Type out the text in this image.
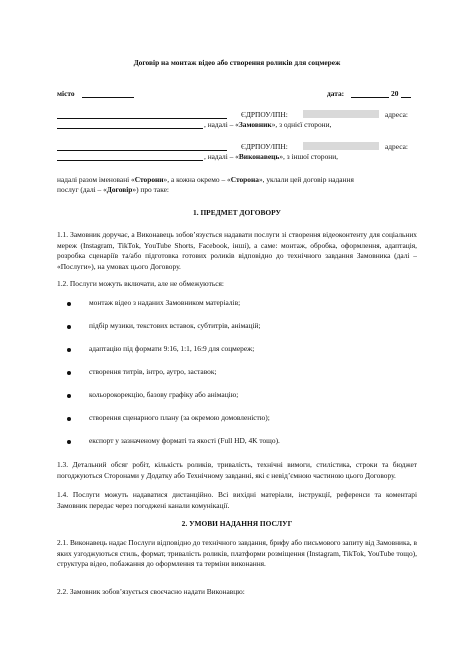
Договір на монтаж відео або створення роликів для соцмереж
місто	дата:	20
ЄДРПОУ/ІПН:	адреса:
, надалі – «Замовник», з однієї сторони,
ЄДРПОУ/ІПН:	адреса:
, надалі – «Виконавець», з іншої сторони,
надалі разом іменовані «Сторони», а кожна окремо – «Сторона», уклали цей договір надання
послуг (далі – «Договір») про таке:
1. ПРЕДМЕТ ДОГОВОРУ
1.1. Замовник доручає, а Виконавець зобов’язується надавати послуги зі створення відеоконтенту для соціальних мереж (Instagram, TikTok, YouTube Shorts, Facebook, інші), а саме: монтаж, обробка, оформлення, адаптація, розробка сценаріїв та/або підготовка готових роликів відповідно до технічного завдання Замовника (далі – «Послуги»), на умовах цього Договору.
1.2. Послуги можуть включати, але не обмежуються:
монтаж відео з наданих Замовником матеріалів;
підбір музики, текстових вставок, субтитрів, анімацій;
адаптацію під формати 9:16, 1:1, 16:9 для соцмереж;
створення титрів, інтро, аутро, заставок;
кольорокорекцію, базову графіку або анімацію;
створення сценарного плану (за окремою домовленістю);
експорт у зазначеному форматі та якості (Full HD, 4K тощо).
1.3. Детальний обсяг робіт, кількість роликів, тривалість, технічні вимоги, стилістика, строки та бюджет погоджуються Сторонами у Додатку або Технічному завданні, які є невід’ємною частиною цього Договору.
1.4. Послуги можуть надаватися дистанційно. Всі вихідні матеріали, інструкції, референси та коментарі Замовник передає через погоджені канали комунікації.
2. УМОВИ НАДАННЯ ПОСЛУГ
2.1. Виконавець надає Послуги відповідно до технічного завдання, брифу або письмового запиту від Замовника, в яких узгоджуються стиль, формат, тривалість роликів, платформи розміщення (Instagram, TikTok, YouTube тощо), структура відео, побажання до оформлення та терміни виконання.
2.2. Замовник зобов’язується своєчасно надати Виконавцю:
